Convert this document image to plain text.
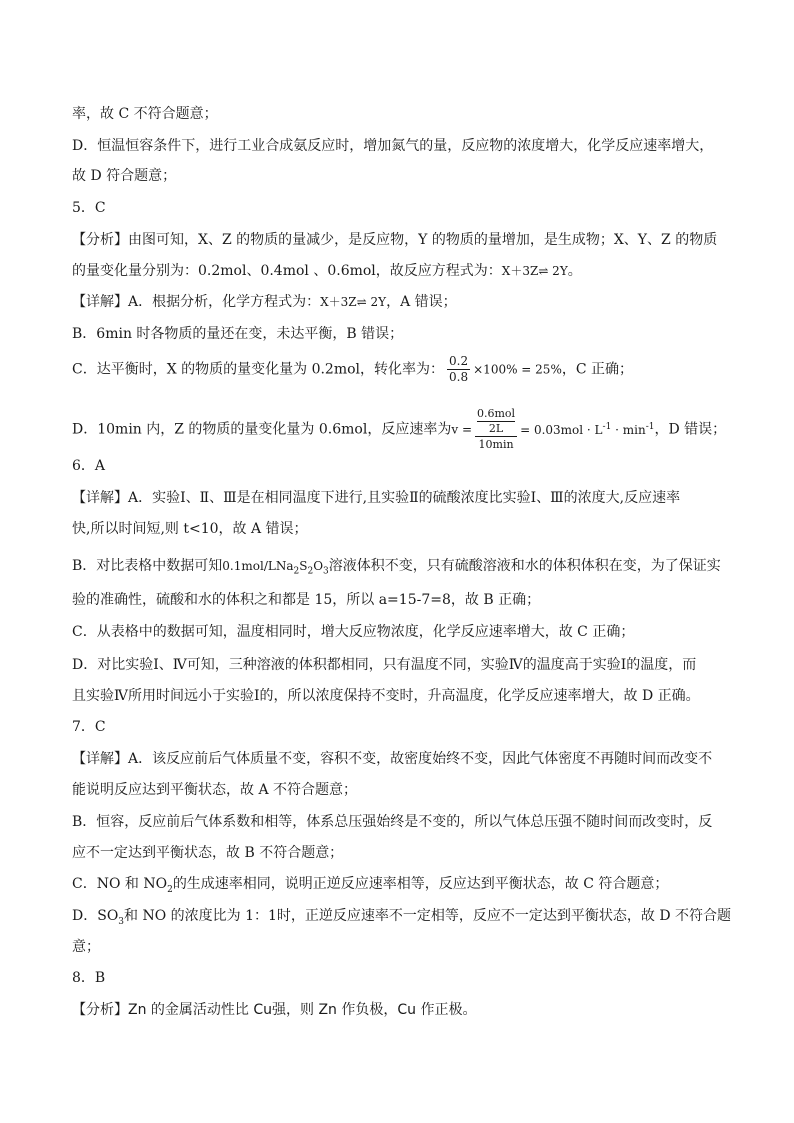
率，故 C 不符合题意；
D．恒温恒容条件下，进行工业合成氨反应时，增加氮气的量，反应物的浓度增大，化学反应速率增大，
故 D 符合题意；
5．C
【分析】由图可知，X、Z 的物质的量减少，是反应物，Y 的物质的量增加，是生成物；X、Y、Z 的物质
的量变化量分别为：0.2mol、0.4mol 、0.6mol，故反应方程式为：X＋3Z⇌ 2Y。
【详解】A．根据分析，化学方程式为：X＋3Z⇌ 2Y，A 错误；
B．6min 时各物质的量还在变，未达平衡，B 错误；
C．达平衡时，X 的物质的量变化量为 0.2mol，转化率为： $\frac{0.2}{0.8} \times 100\% = 25\%$，C 正确；
D．10min 内，Z 的物质的量变化量为 0.6mol，反应速率为v = 0.6mol
2L
$10\min = 0.03mol \cdot L^{-1} \cdot \min^{-1}$，D 错误；
6．A
【详解】A．实验Ⅰ、Ⅱ、Ⅲ是在相同温度下进行,且实验Ⅱ的硫酸浓度比实验Ⅰ、Ⅲ的浓度大,反应速率
快,所以时间短,则 t<10，故 A 错误；
B．对比表格中数据可知$0.1mol/LNa_2S_2O_3$溶液体积不变，只有硫酸溶液和水的体积体积在变，为了保证实
验的准确性，硫酸和水的体积之和都是 15，所以 a=15-7=8，故 B 正确；
C．从表格中的数据可知，温度相同时，增大反应物浓度，化学反应速率增大，故 C 正确；
D．对比实验Ⅰ、Ⅳ可知，三种溶液的体积都相同，只有温度不同，实验Ⅳ的温度高于实验Ⅰ的温度，而
且实验Ⅳ所用时间远小于实验Ⅰ的，所以浓度保持不变时，升高温度，化学反应速率增大，故 D 正确。
7．C
【详解】A．该反应前后气体质量不变，容积不变，故密度始终不变，因此气体密度不再随时间而改变不
能说明反应达到平衡状态，故 A 不符合题意；
B．恒容，反应前后气体系数和相等，体系总压强始终是不变的，所以气体总压强不随时间而改变时，反
应不一定达到平衡状态，故 B 不符合题意；
C．NO 和 $NO_2$的生成速率相同，说明正逆反应速率相等，反应达到平衡状态，故 C 符合题意；
D．$SO_3$和 NO 的浓度比为 1：1时，正逆反应速率不一定相等，反应不一定达到平衡状态，故 D 不符合题
意；
8．B
【分析】Zn 的金属活动性比 Cu强，则 Zn 作负极，Cu 作正极。
